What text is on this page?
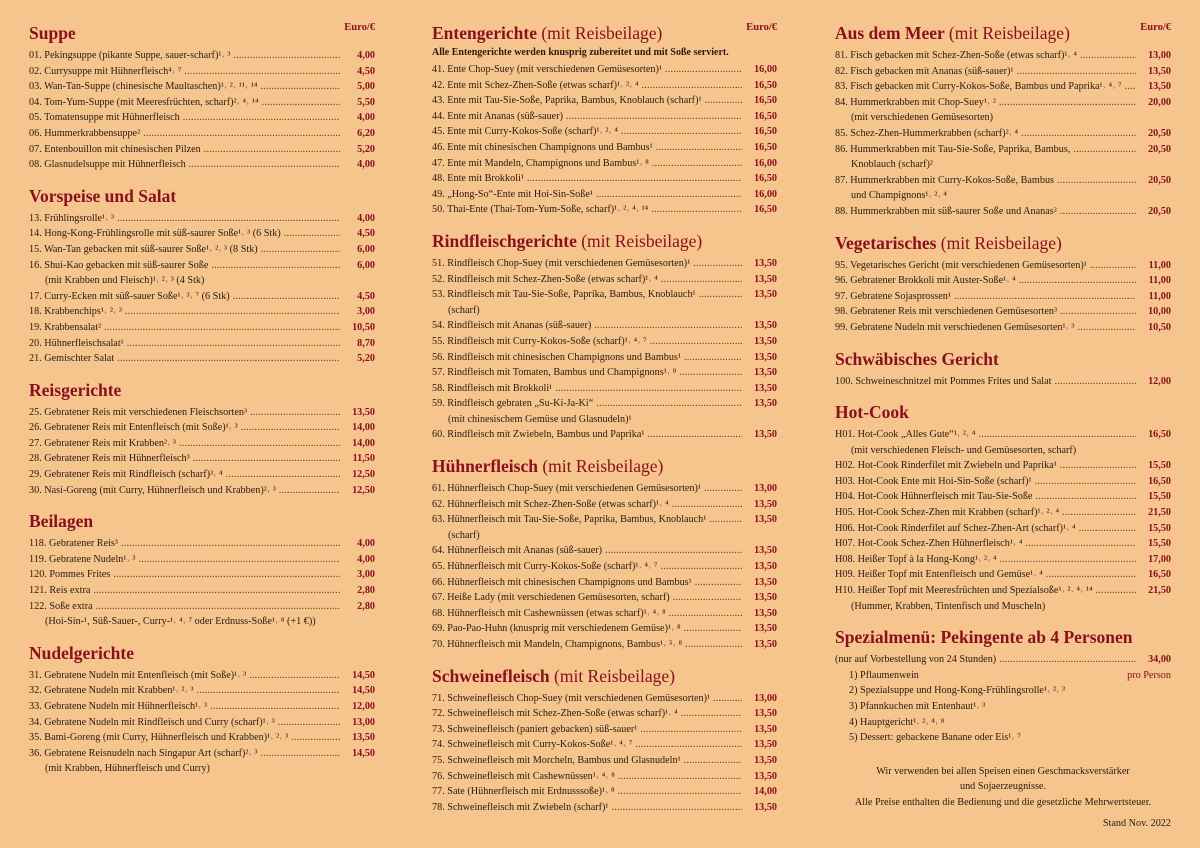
Suppe	Euro/€
01. Pekingsuppe (pikante Suppe, sauer-scharf)¹˒ ³ .....	4,00
02. Currysuppe mit Hühnerfleisch⁴˒ ⁷ .....	4,50
03. Wan-Tan-Suppe (chinesische Maultaschen)¹˒ ²˒ ¹¹˒ ¹⁴ .....	5,00
04. Tom-Yum-Suppe (mit Meeresfrüchten, scharf)²˒ ⁴˒ ¹⁴ .....	5,50
05. Tomatensuppe mit Hühnerfleisch .....	4,00
06. Hummerkrabbensuppe² .....	6,20
07. Entenbouillon mit chinesischen Pilzen .....	5,20
08. Glasnudelsuppe mit Hühnerfleisch .....	4,00
Vorspeise und Salat
13. Frühlingsrolle¹˒ ³ .....	4,00
14. Hong-Kong-Frühlingsrolle mit süß-saurer Soße¹˒ ³ (6 Stk) .....	4,50
15. Wan-Tan gebacken mit süß-saurer Soße¹˒ ²˒ ³ (8 Stk) .....	6,00
16. Shui-Kao gebacken mit süß-saurer Soße .....	6,00
(mit Krabben und Fleisch)¹˒ ²˒ ³ (4 Stk)
17. Curry-Ecken mit süß-sauer Soße¹˒ ³˒ ⁷ (6 Stk) .....	4,50
18. Krabbenchips¹˒ ²˒ ³ .....	3,00
19. Krabbensalat² .....	10,50
20. Hühnerfleischsalat¹ .....	8,70
21. Gemischter Salat .....	5,20
Reisgerichte
25. Gebratener Reis mit verschiedenen Fleischsorten³ .....	13,50
26. Gebratener Reis mit Entenfleisch (mit Soße)¹˒ ³ .....	14,00
27. Gebratener Reis mit Krabben²˒ ³ .....	14,00
28. Gebratener Reis mit Hühnerfleisch³ .....	11,50
29. Gebratener Reis mit Rindfleisch (scharf)³˒ ⁴ .....	12,50
30. Nasi-Goreng (mit Curry, Hühnerfleisch und Krabben)²˒ ³ .....	12,50
Beilagen
118. Gebratener Reis³ .....	4,00
119. Gebratene Nudeln¹˒ ³ .....	4,00
120. Pommes Frites .....	3,00
121. Reis extra .....	2,80
122. Soße extra .....	2,80
(Hoi-Sin-¹, Süß-Sauer-, Curry-¹˒ ⁴˒ ⁷ oder Erdnuss-Soße¹˒ ⁸ (+1 €))
Nudelgerichte
31. Gebratene Nudeln mit Entenfleisch (mit Soße)¹˒ ³ .....	14,50
32. Gebratene Nudeln mit Krabben¹˒ ²˒ ³ .....	14,50
33. Gebratene Nudeln mit Hühnerfleisch¹˒ ³ .....	12,00
34. Gebratene Nudeln mit Rindfleisch und Curry (scharf)¹˒ ³ .....	13,00
35. Bami-Goreng (mit Curry, Hühnerfleisch und Krabben)¹˒ ²˒ ³ .....	13,50
36. Gebratene Reisnudeln nach Singapur Art (scharf)²˒ ³ .....	14,50
(mit Krabben, Hühnerfleisch und Curry)
Entengerichte (mit Reisbeilage)	Euro/€
Alle Entengerichte werden knusprig zubereitet und mit Soße serviert.
41. Ente Chop-Suey (mit verschiedenen Gemüsesorten)¹ .....	16,00
42. Ente mit Schez-Zhen-Soße (etwas scharf)¹˒ ²˒ ⁴ .....	16,50
43. Ente mit Tau-Sie-Soße, Paprika, Bambus, Knoblauch (scharf)¹ .....	16,50
44. Ente mit Ananas (süß-sauer) .....	16,50
45. Ente mit Curry-Kokos-Soße (scharf)¹˒ ²˒ ⁴ .....	16,50
46. Ente mit chinesischen Champignons und Bambus¹ .....	16,50
47. Ente mit Mandeln, Champignons und Bambus¹˒ ⁸ .....	16,00
48. Ente mit Brokkoli¹ .....	16,50
49. „Hong-So“-Ente mit Hoi-Sin-Soße¹ .....	16,00
50. Thai-Ente (Thai-Tom-Yum-Soße, scharf)¹˒ ²˒ ⁴˒ ¹⁴ .....	16,50
Rindfleischgerichte (mit Reisbeilage)
51. Rindfleisch Chop-Suey (mit verschiedenen Gemüsesorten)¹ .....	13,50
52. Rindfleisch mit Schez-Zhen-Soße (etwas scharf)¹˒ ⁴ .....	13,50
53. Rindfleisch mit Tau-Sie-Soße, Paprika, Bambus, Knoblauch¹ .....	13,50
(scharf)
54. Rindfleisch mit Ananas (süß-sauer) .....	13,50
55. Rindfleisch mit Curry-Kokos-Soße (scharf)¹˒ ⁴˒ ⁷ .....	13,50
56. Rindfleisch mit chinesischen Champignons und Bambus¹ .....	13,50
57. Rindfleisch mit Tomaten, Bambus und Champignons¹˒ ⁸ .....	13,50
58. Rindfleisch mit Brokkoli¹ .....	13,50
59. Rindfleisch gebraten „Su-Ki-Ja-Ki“ .....	13,50
(mit chinesischem Gemüse und Glasnudeln)¹
60. Rindfleisch mit Zwiebeln, Bambus und Paprika¹ .....	13,50
Hühnerfleisch (mit Reisbeilage)
61. Hühnerfleisch Chop-Suey (mit verschiedenen Gemüsesorten)¹ .....	13,00
62. Hühnerfleisch mit Schez-Zhen-Soße (etwas scharf)¹˒ ⁴ .....	13,50
63. Hühnerfleisch mit Tau-Sie-Soße, Paprika, Bambus, Knoblauch¹ .....	13,50
(scharf)
64. Hühnerfleisch mit Ananas (süß-sauer) .....	13,50
65. Hühnerfleisch mit Curry-Kokos-Soße (scharf)¹˒ ⁴˒ ⁷ .....	13,50
66. Hühnerfleisch mit chinesischen Champignons und Bambus¹ .....	13,50
67. Heiße Lady (mit verschiedenen Gemüsesorten, scharf) .....	13,50
68. Hühnerfleisch mit Cashewnüssen (etwas scharf)¹˒ ⁴˒ ⁸ .....	13,50
69. Pao-Pao-Huhn (knusprig mit verschiedenem Gemüse)¹˒ ⁸ .....	13,50
70. Hühnerfleisch mit Mandeln, Champignons, Bambus¹˒ ⁵˒ ⁸ .....	13,50
Schweinefleisch (mit Reisbeilage)
71. Schweinefleisch Chop-Suey (mit verschiedenen Gemüsesorten)¹ .....	13,00
72. Schweinefleisch mit Schez-Zhen-Soße (etwas scharf)¹˒ ⁴ .....	13,50
73. Schweinefleisch (paniert gebacken) süß-sauer¹ .....	13,50
74. Schweinefleisch mit Curry-Kokos-Soße¹˒ ⁴˒ ⁷ .....	13,50
75. Schweinefleisch mit Morcheln, Bambus und Glasnudeln¹ .....	13,50
76. Schweinefleisch mit Cashewnüssen¹˒ ⁴˒ ⁸ .....	13,50
77. Sate (Hühnerfleisch mit Erdnusssoße)¹˒ ⁸ .....	14,00
78. Schweinefleisch mit Zwiebeln (scharf)¹ .....	13,50
Aus dem Meer (mit Reisbeilage)	Euro/€
81. Fisch gebacken mit Schez-Zhen-Soße (etwas scharf)¹˒ ⁴ .....	13,00
82. Fisch gebacken mit Ananas (süß-sauer)¹ .....	13,50
83. Fisch gebacken mit Curry-Kokos-Soße, Bambus und Paprika¹˒ ⁴˒ ⁷ .....	13,50
84. Hummerkrabben mit Chop-Suey¹˒ ² .....	20,00
(mit verschiedenen Gemüsesorten)
85. Schez-Zhen-Hummerkrabben (scharf)²˒ ⁴ .....	20,50
86. Hummerkrabben mit Tau-Sie-Soße, Paprika, Bambus, .....	20,50
Knoblauch (scharf)²
87. Hummerkrabben mit Curry-Kokos-Soße, Bambus .....	20,50
und Champignons¹˒ ²˒ ⁴
88. Hummerkrabben mit süß-saurer Soße und Ananas² .....	20,50
Vegetarisches (mit Reisbeilage)
95. Vegetarisches Gericht (mit verschiedenen Gemüsesorten)¹ .....	11,00
96. Gebratener Brokkoli mit Auster-Soße¹˒ ⁴ .....	11,00
97. Gebratene Sojasprossen¹ .....	11,00
98. Gebratener Reis mit verschiedenen Gemüsesorten³ .....	10,00
99. Gebratene Nudeln mit verschiedenen Gemüsesorten¹˒ ³ .....	10,50
Schwäbisches Gericht
100. Schweineschnitzel mit Pommes Frites und Salat .....	12,00
Hot-Cook
H01. Hot-Cook „Alles Gute“¹˒ ²˒ ⁴ .....	16,50
(mit verschiedenen Fleisch- und Gemüsesorten, scharf)
H02. Hot-Cook Rinderfilet mit Zwiebeln und Paprika¹ .....	15,50
H03. Hot-Cook Ente mit Hoi-Sin-Soße (scharf)¹ .....	16,50
H04. Hot-Cook Hühnerfleisch mit Tau-Sie-Soße .....	15,50
H05. Hot-Cook Schez-Zhen mit Krabben (scharf)¹˒ ²˒ ⁴ .....	21,50
H06. Hot-Cook Rinderfilet auf Schez-Zhen-Art (scharf)¹˒ ⁴ .....	15,50
H07. Hot-Cook Schez-Zhen Hühnerfleisch¹˒ ⁴ .....	15,50
H08. Heißer Topf à la Hong-Kong¹˒ ²˒ ⁴ .....	17,00
H09. Heißer Topf mit Entenfleisch und Gemüse¹˒ ⁴ .....	16,50
H10. Heißer Topf mit Meeresfrüchten und Spezialsoße¹˒ ²˒ ⁴˒ ¹⁴ .....	21,50
(Hummer, Krabben, Tintenfisch und Muscheln)
Spezialmenü: Pekingente ab 4 Personen
(nur auf Vorbestellung von 24 Stunden) .....	34,00
1) Pflaumenwein	pro Person
2) Spezialsuppe und Hong-Kong-Frühlingsrolle¹˒ ²˒ ³
3) Pfannkuchen mit Entenhaut¹˒ ³
4) Hauptgericht¹˒ ²˒ ⁴˒ ⁸
5) Dessert: gebackene Banane oder Eis¹˒ ⁷
Wir verwenden bei allen Speisen einen Geschmacksverstärker
und Sojaerzeugnisse.
Alle Preise enthalten die Bedienung und die gesetzliche Mehrwertsteuer.
Stand Nov. 2022
